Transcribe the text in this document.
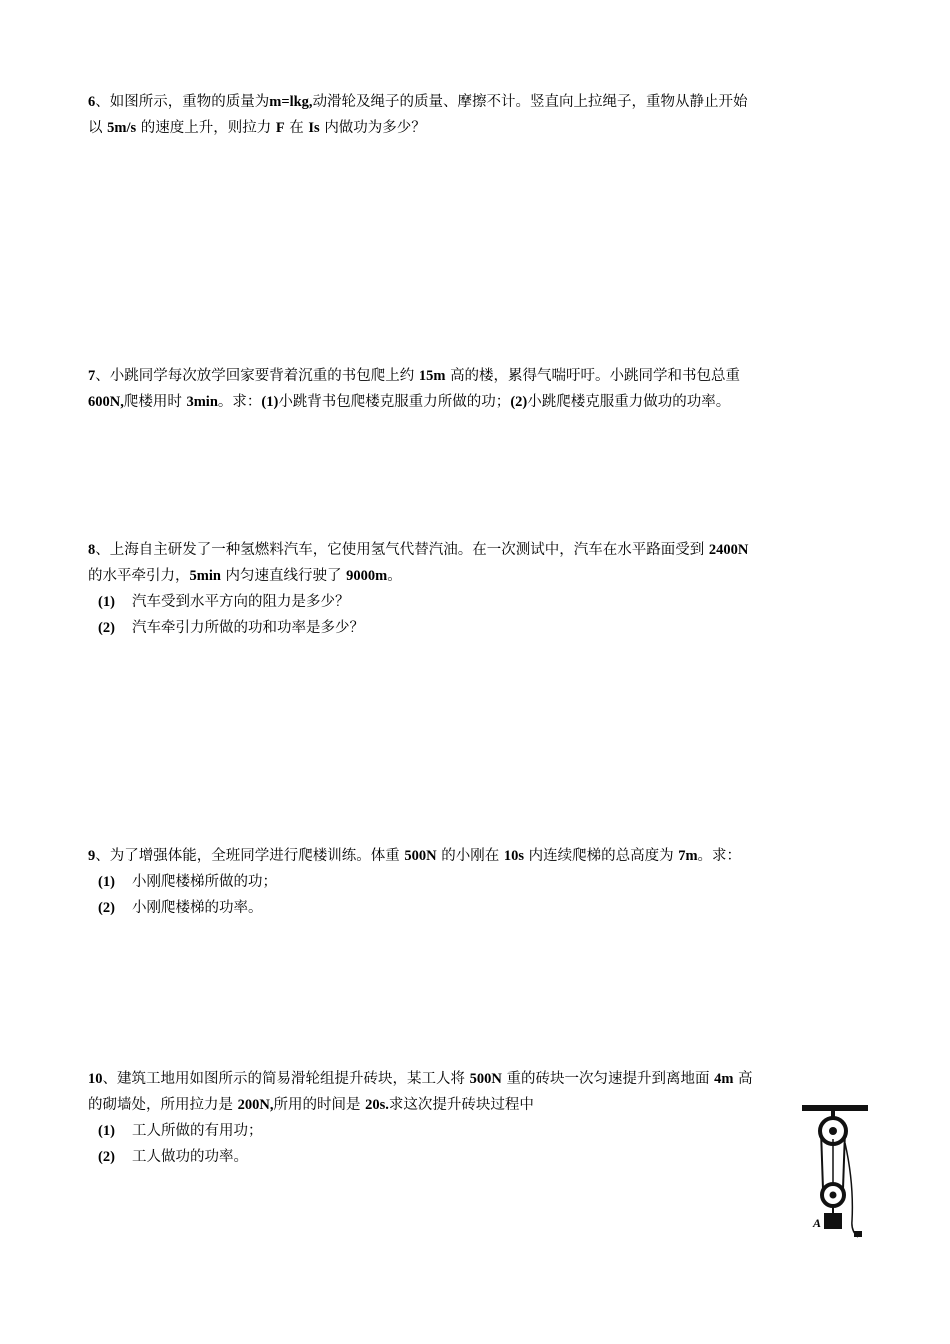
6、如图所示，重物的质量为m=lkg,动滑轮及绳子的质量、摩擦不计。竖直向上拉绳子，重物从静止开始

以 5m/s 的速度上升，则拉力 F 在 Is 内做功为多少？

7、小跳同学每次放学回家要背着沉重的书包爬上约 15m 高的楼，累得气喘吁吁。小跳同学和书包总重

600N,爬楼用时 3min。求：(1)小跳背书包爬楼克服重力所做的功；(2)小跳爬楼克服重力做功的功率。

8、上海自主研发了一种氢燃料汽车，它使用氢气代替汽油。在一次测试中，汽车在水平路面受到 2400N

的水平牵引力，5min 内匀速直线行驶了 9000m。

(1)	汽车受到水平方向的阻力是多少？
(2)	汽车牵引力所做的功和功率是多少？

9、为了增强体能，全班同学进行爬楼训练。体重 500N 的小刚在 10s 内连续爬梯的总高度为 7m。求：

(1)	小刚爬楼梯所做的功；
(2)	小刚爬楼梯的功率。

10、建筑工地用如图所示的简易滑轮组提升砖块，某工人将 500N 重的砖块一次匀速提升到离地面 4m 高

的砌墙处，所用拉力是 200N,所用的时间是 20s.求这次提升砖块过程中

(1)	工人所做的有用功；
(2)	工人做功的功率。
A
